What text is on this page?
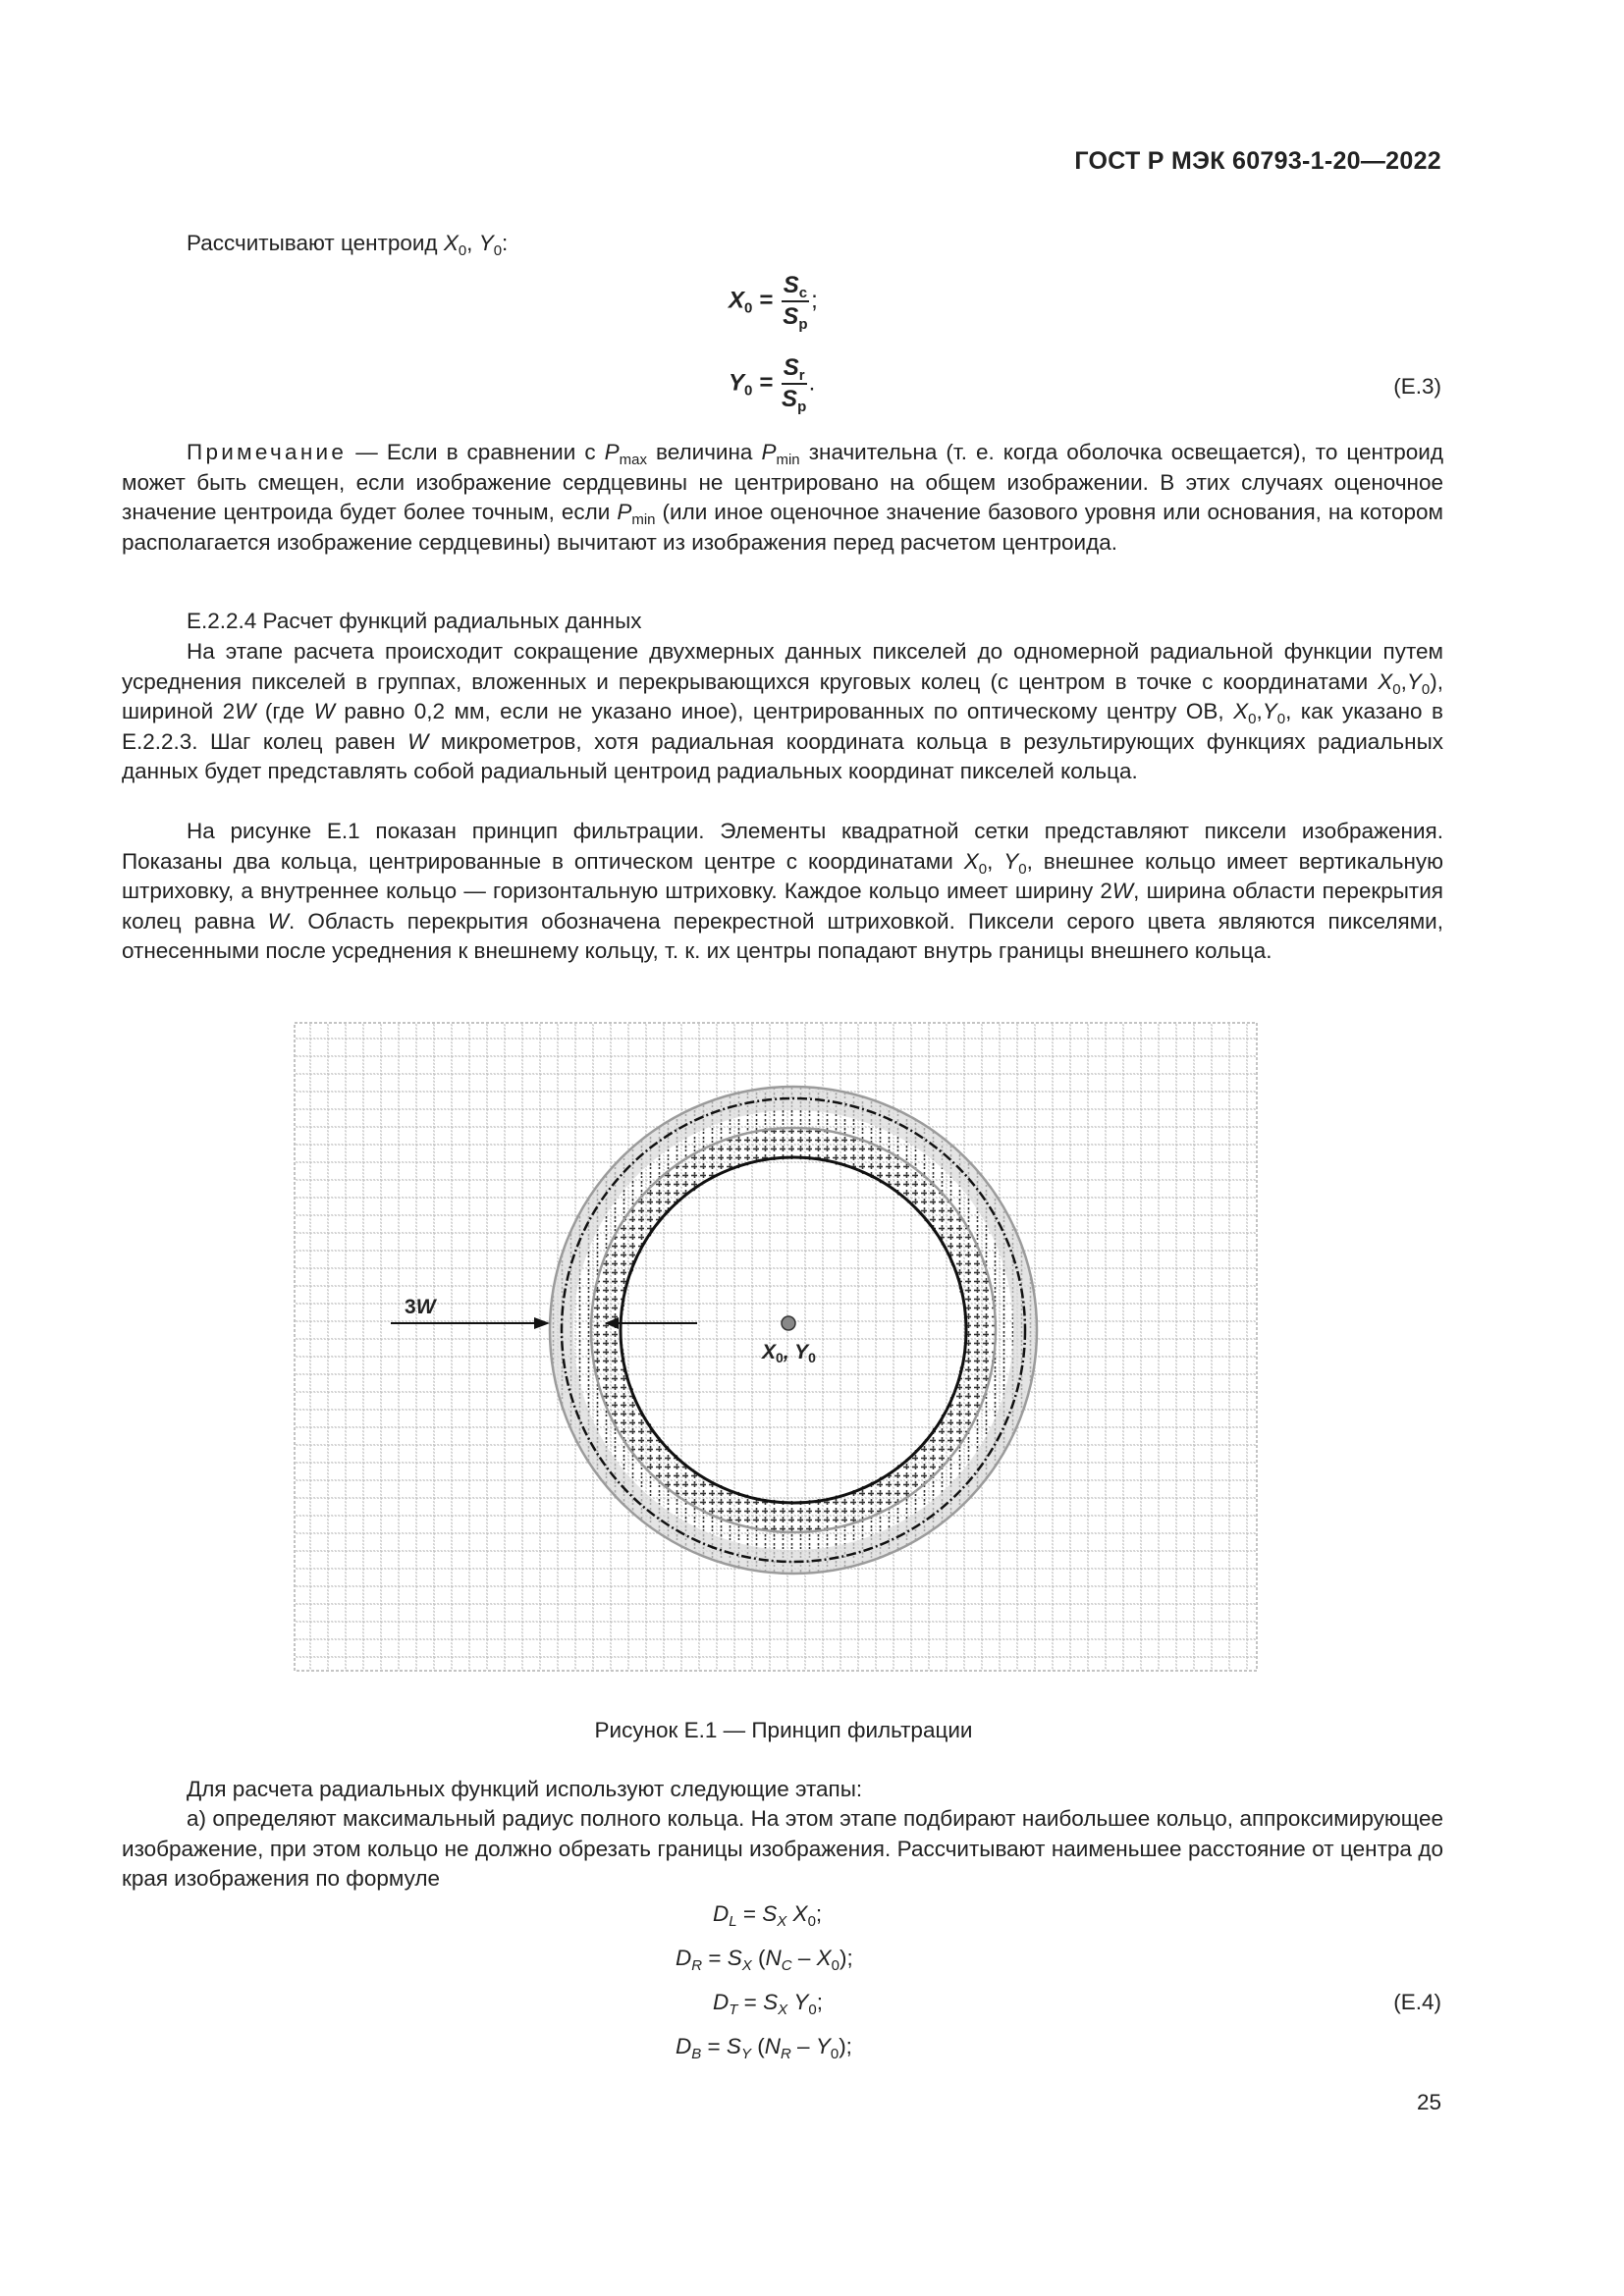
ГОСТ Р МЭК 60793-1-20—2022
Рассчитывают центроид $X_0$, $Y_0$:
$X_0 = \frac{S_c}{S_p}$ ;
$Y_0 = \frac{S_r}{S_p}$ .	(Е.3)
Примечание — Если в сравнении с $P_{max}$ величина $P_{min}$ значительна (т. е. когда оболочка освещается), то центроид может быть смещен, если изображение сердцевины не центрировано на общем изображении. В этих случаях оценочное значение центроида будет более точным, если $P_{min}$ (или иное оценочное значение базового уровня или основания, на котором располагается изображение сердцевины) вычитают из изображения перед расчетом центроида.
Е.2.2.4 Расчет функций радиальных данных
На этапе расчета происходит сокращение двухмерных данных пикселей до одномерной радиальной функции путем усреднения пикселей в группах, вложенных и перекрывающихся круговых колец (с центром в точке с координатами $X_0,Y_0$), шириной 2W (где W равно 0,2 мм, если не указано иное), центрированных по оптическому центру ОВ, $X_0,Y_0$, как указано в Е.2.2.3. Шаг колец равен W микрометров, хотя радиальная координата кольца в результирующих функциях радиальных данных будет представлять собой радиальный центроид радиальных координат пикселей кольца.
На рисунке Е.1 показан принцип фильтрации. Элементы квадратной сетки представляют пиксели изображения. Показаны два кольца, центрированные в оптическом центре с координатами $X_0$, $Y_0$, внешнее кольцо имеет вертикальную штриховку, а внутреннее кольцо — горизонтальную штриховку. Каждое кольцо имеет ширину 2W, ширина области перекрытия колец равна W. Область перекрытия обозначена перекрестной штриховкой. Пиксели серого цвета являются пикселями, отнесенными после усреднения к внешнему кольцу, т. к. их центры попадают внутрь границы внешнего кольца.
X0, Y0
3W
Рисунок Е.1 — Принцип фильтрации
Для расчета радиальных функций используют следующие этапы:
а) определяют максимальный радиус полного кольца. На этом этапе подбирают наибольшее кольцо, аппроксимирующее изображение, при этом кольцо не должно обрезать границы изображения. Рассчитывают наименьшее расстояние от центра до края изображения по формуле
$D_L = S_X$ $X_0$;
$D_R = S_X$ $(N_C - X_0)$;
$D_T = S_X$ $Y_0$;	(Е.4)
$D_B = S_Y$ $(N_R - Y_0)$;
25
